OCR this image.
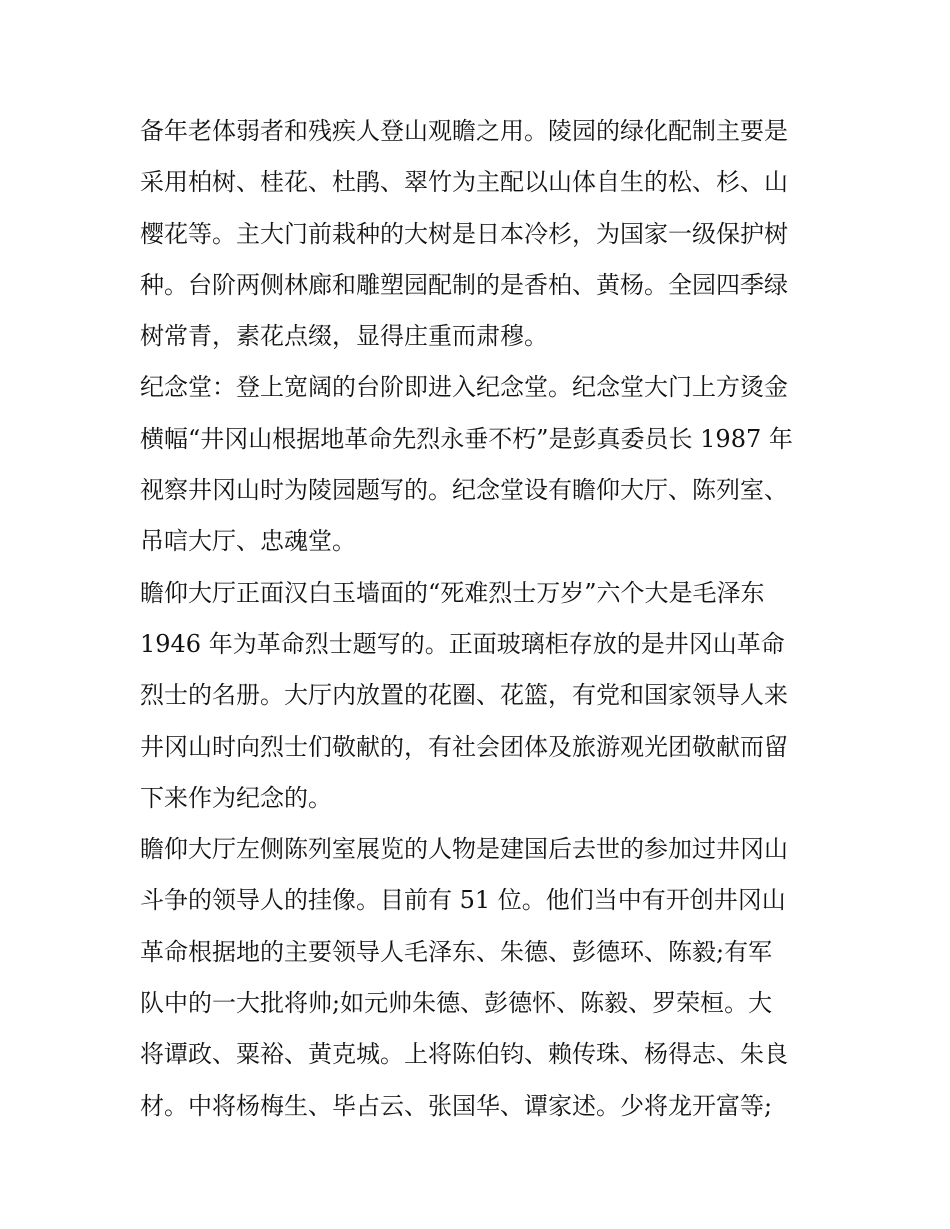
备年老体弱者和残疾人登山观瞻之用。陵园的绿化配制主要是
采用柏树、桂花、杜鹃、翠竹为主配以山体自生的松、杉、山
樱花等。主大门前栽种的大树是日本冷杉，为国家一级保护树
种。台阶两侧林廊和雕塑园配制的是香柏、黄杨。全园四季绿
树常青，素花点缀，显得庄重而肃穆。
纪念堂：登上宽阔的台阶即进入纪念堂。纪念堂大门上方烫金
横幅“井冈山根据地革命先烈永垂不朽”是彭真委员长 1987 年
视察井冈山时为陵园题写的。纪念堂设有瞻仰大厅、陈列室、
吊唁大厅、忠魂堂。
瞻仰大厅正面汉白玉墙面的“死难烈士万岁”六个大是毛泽东
1946 年为革命烈士题写的。正面玻璃柜存放的是井冈山革命
烈士的名册。大厅内放置的花圈、花篮，有党和国家领导人来
井冈山时向烈士们敬献的，有社会团体及旅游观光团敬献而留
下来作为纪念的。
瞻仰大厅左侧陈列室展览的人物是建国后去世的参加过井冈山
斗争的领导人的挂像。目前有 51 位。他们当中有开创井冈山
革命根据地的主要领导人毛泽东、朱德、彭德环、陈毅;有军
队中的一大批将帅;如元帅朱德、彭德怀、陈毅、罗荣桓。大
将谭政、粟裕、黄克城。上将陈伯钧、赖传珠、杨得志、朱良
材。中将杨梅生、毕占云、张国华、谭家述。少将龙开富等;
